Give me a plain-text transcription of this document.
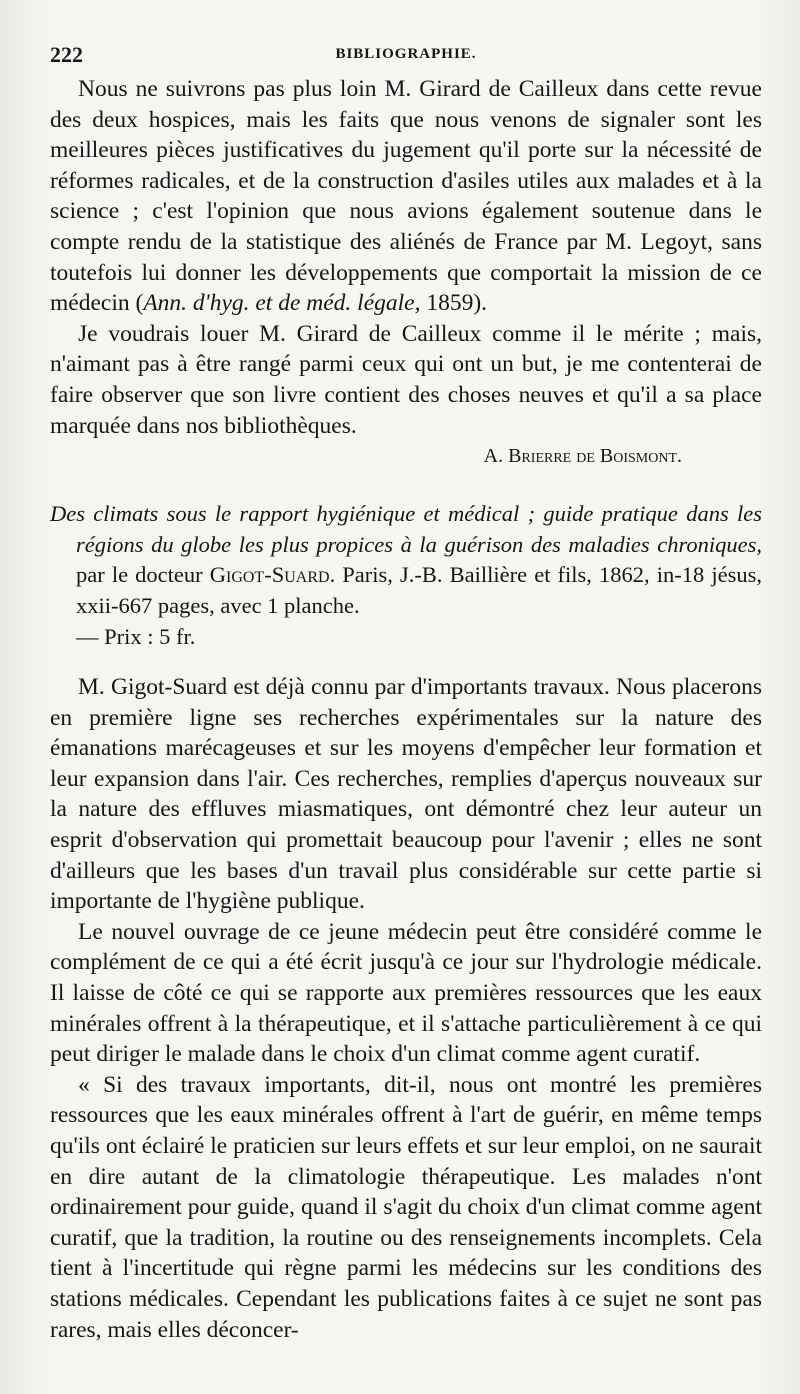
222	BIBLIOGRAPHIE.

Nous ne suivrons pas plus loin M. Girard de Cailleux dans cette revue des deux hospices, mais les faits que nous venons de signaler sont les meilleures pièces justificatives du jugement qu'il porte sur la nécessité de réformes radicales, et de la construction d'asiles utiles aux malades et à la science ; c'est l'opinion que nous avions également soutenue dans le compte rendu de la statistique des aliénés de France par M. Legoyt, sans toutefois lui donner les développements que comportait la mission de ce médecin (Ann. d'hyg. et de méd. légale, 1859).

Je voudrais louer M. Girard de Cailleux comme il le mérite ; mais, n'aimant pas à être rangé parmi ceux qui ont un but, je me contenterai de faire observer que son livre contient des choses neuves et qu'il a sa place marquée dans nos bibliothèques.

A. Brierre de Boismont.

Des climats sous le rapport hygiénique et médical ; guide pratique dans les régions du globe les plus propices à la guérison des maladies chroniques, par le docteur Gigot-Suard. Paris, J.-B. Baillière et fils, 1862, in-18 jésus, xxii-667 pages, avec 1 planche.

— Prix : 5 fr.

M. Gigot-Suard est déjà connu par d'importants travaux. Nous placerons en première ligne ses recherches expérimentales sur la nature des émanations marécageuses et sur les moyens d'empêcher leur formation et leur expansion dans l'air. Ces recherches, remplies d'aperçus nouveaux sur la nature des effluves miasmatiques, ont démontré chez leur auteur un esprit d'observation qui promettait beaucoup pour l'avenir ; elles ne sont d'ailleurs que les bases d'un travail plus considérable sur cette partie si importante de l'hygiène publique.

Le nouvel ouvrage de ce jeune médecin peut être considéré comme le complément de ce qui a été écrit jusqu'à ce jour sur l'hydrologie médicale. Il laisse de côté ce qui se rapporte aux premières ressources que les eaux minérales offrent à la thérapeutique, et il s'attache particulièrement à ce qui peut diriger le malade dans le choix d'un climat comme agent curatif.

« Si des travaux importants, dit-il, nous ont montré les premières ressources que les eaux minérales offrent à l'art de guérir, en même temps qu'ils ont éclairé le praticien sur leurs effets et sur leur emploi, on ne saurait en dire autant de la climatologie thérapeutique. Les malades n'ont ordinairement pour guide, quand il s'agit du choix d'un climat comme agent curatif, que la tradition, la routine ou des renseignements incomplets. Cela tient à l'incertitude qui règne parmi les médecins sur les conditions des stations médicales. Cependant les publications faites à ce sujet ne sont pas rares, mais elles déconcer-
